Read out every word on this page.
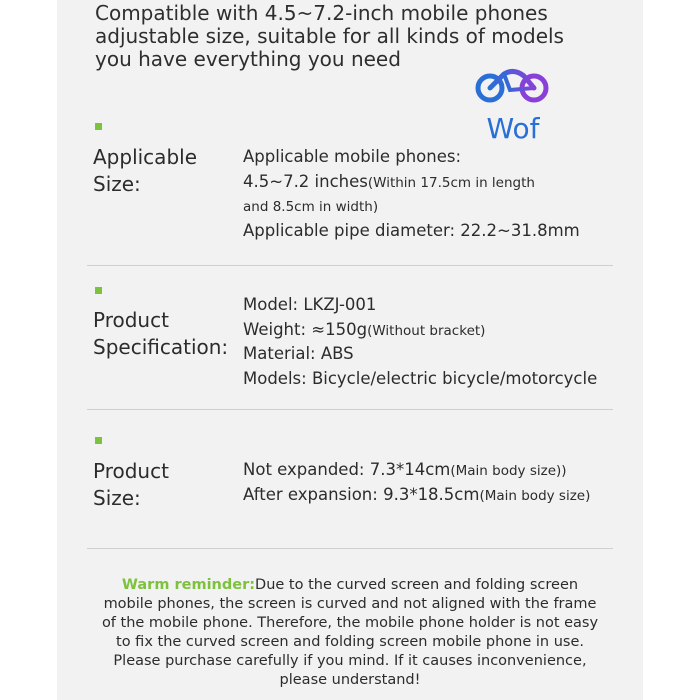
Compatible with 4.5~7.2-inch mobile phones
adjustable size, suitable for all kinds of models
you have everything you need
Wof
Applicable
Size:
Applicable mobile phones:
4.5~7.2 inches(Within 17.5cm in length
and 8.5cm in width)
Applicable pipe diameter: 22.2~31.8mm
Product
Specification:
Model: LKZJ-001
Weight: ≈150g(Without bracket)
Material: ABS
Models: Bicycle/electric bicycle/motorcycle
Product
Size:
Not expanded: 7.3*14cm(Main body size))
After expansion: 9.3*18.5cm(Main body size)
Warm reminder:Due to the curved screen and folding screen
mobile phones, the screen is curved and not aligned with the frame
of the mobile phone. Therefore, the mobile phone holder is not easy
to fix the curved screen and folding screen mobile phone in use.
Please purchase carefully if you mind. If it causes inconvenience,
please understand!
